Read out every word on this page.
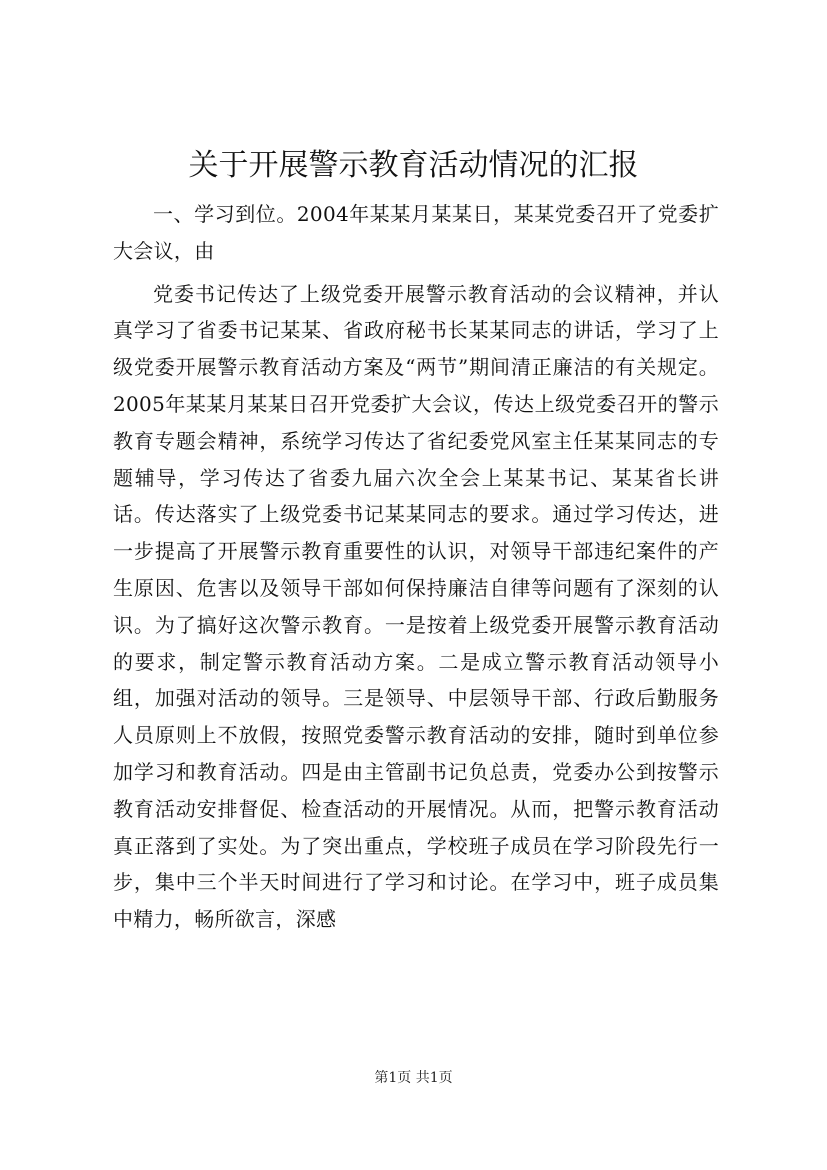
关于开展警示教育活动情况的汇报

一、学习到位。2004年某某月某某日，某某党委召开了党委扩大会议，由

党委书记传达了上级党委开展警示教育活动的会议精神，并认真学习了省委书记某某、省政府秘书长某某同志的讲话，学习了上级党委开展警示教育活动方案及“两节”期间清正廉洁的有关规定。2005年某某月某某日召开党委扩大会议，传达上级党委召开的警示教育专题会精神，系统学习传达了省纪委党风室主任某某同志的专题辅导，学习传达了省委九届六次全会上某某书记、某某省长讲话。传达落实了上级党委书记某某同志的要求。通过学习传达，进一步提高了开展警示教育重要性的认识，对领导干部违纪案件的产生原因、危害以及领导干部如何保持廉洁自律等问题有了深刻的认识。为了搞好这次警示教育。一是按着上级党委开展警示教育活动的要求，制定警示教育活动方案。二是成立警示教育活动领导小组，加强对活动的领导。三是领导、中层领导干部、行政后勤服务人员原则上不放假，按照党委警示教育活动的安排，随时到单位参加学习和教育活动。四是由主管副书记负总责，党委办公到按警示教育活动安排督促、检查活动的开展情况。从而，把警示教育活动真正落到了实处。为了突出重点，学校班子成员在学习阶段先行一步，集中三个半天时间进行了学习和讨论。在学习中，班子成员集中精力，畅所欲言，深感

第1页 共1页
